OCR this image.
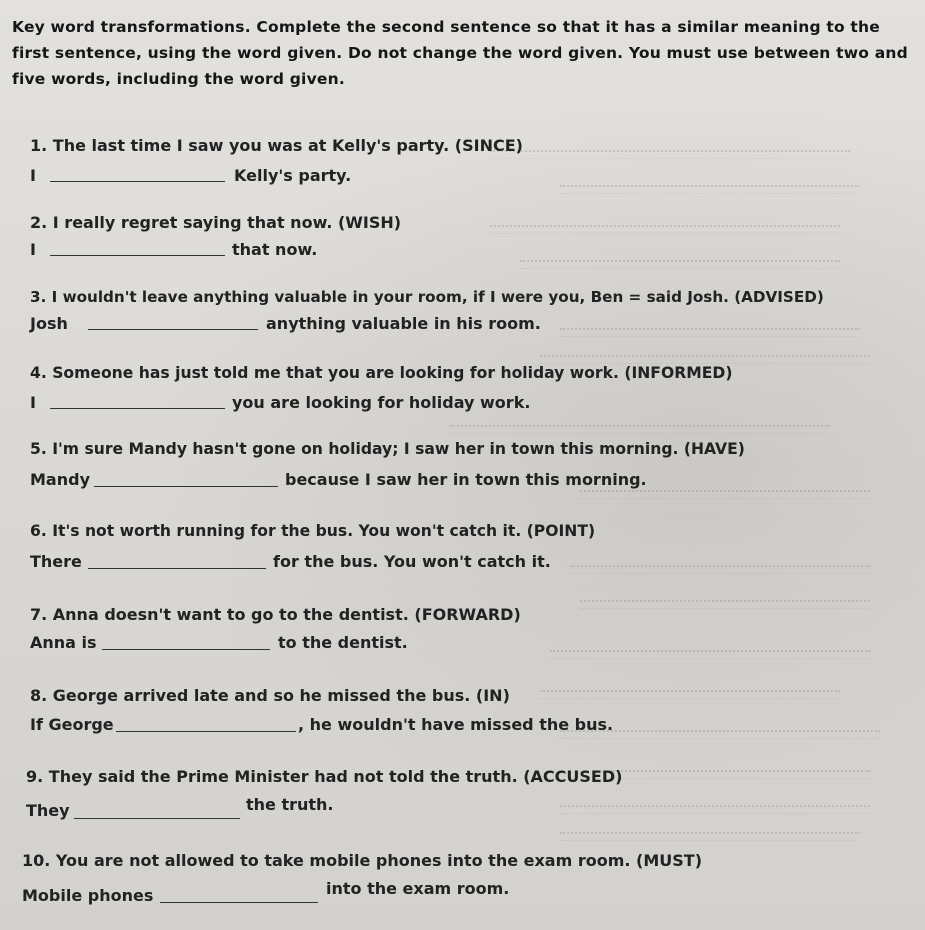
Key word transformations. Complete the second sentence so that it has a similar meaning to the first sentence, using the word given. Do not change the word given. You must use between two and five words, including the word given.
1. The last time I saw you was at Kelly's party. (SINCE)
I	Kelly's party.
2. I really regret saying that now. (WISH)
I	that now.
3. I wouldn't leave anything valuable in your room, if I were you, Ben = said Josh. (ADVISED)
Josh	anything valuable in his room.
4. Someone has just told me that you are looking for holiday work. (INFORMED)
I	you are looking for holiday work.
5. I'm sure Mandy hasn't gone on holiday; I saw her in town this morning. (HAVE)
Mandy	because I saw her in town this morning.
6. It's not worth running for the bus. You won't catch it. (POINT)
There	for the bus. You won't catch it.
7. Anna doesn't want to go to the dentist. (FORWARD)
Anna is	to the dentist.
8. George arrived late and so he missed the bus. (IN)
If George	, he wouldn't have missed the bus.
9. They said the Prime Minister had not told the truth. (ACCUSED)
They	the truth.
10. You are not allowed to take mobile phones into the exam room. (MUST)
Mobile phones	into the exam room.
